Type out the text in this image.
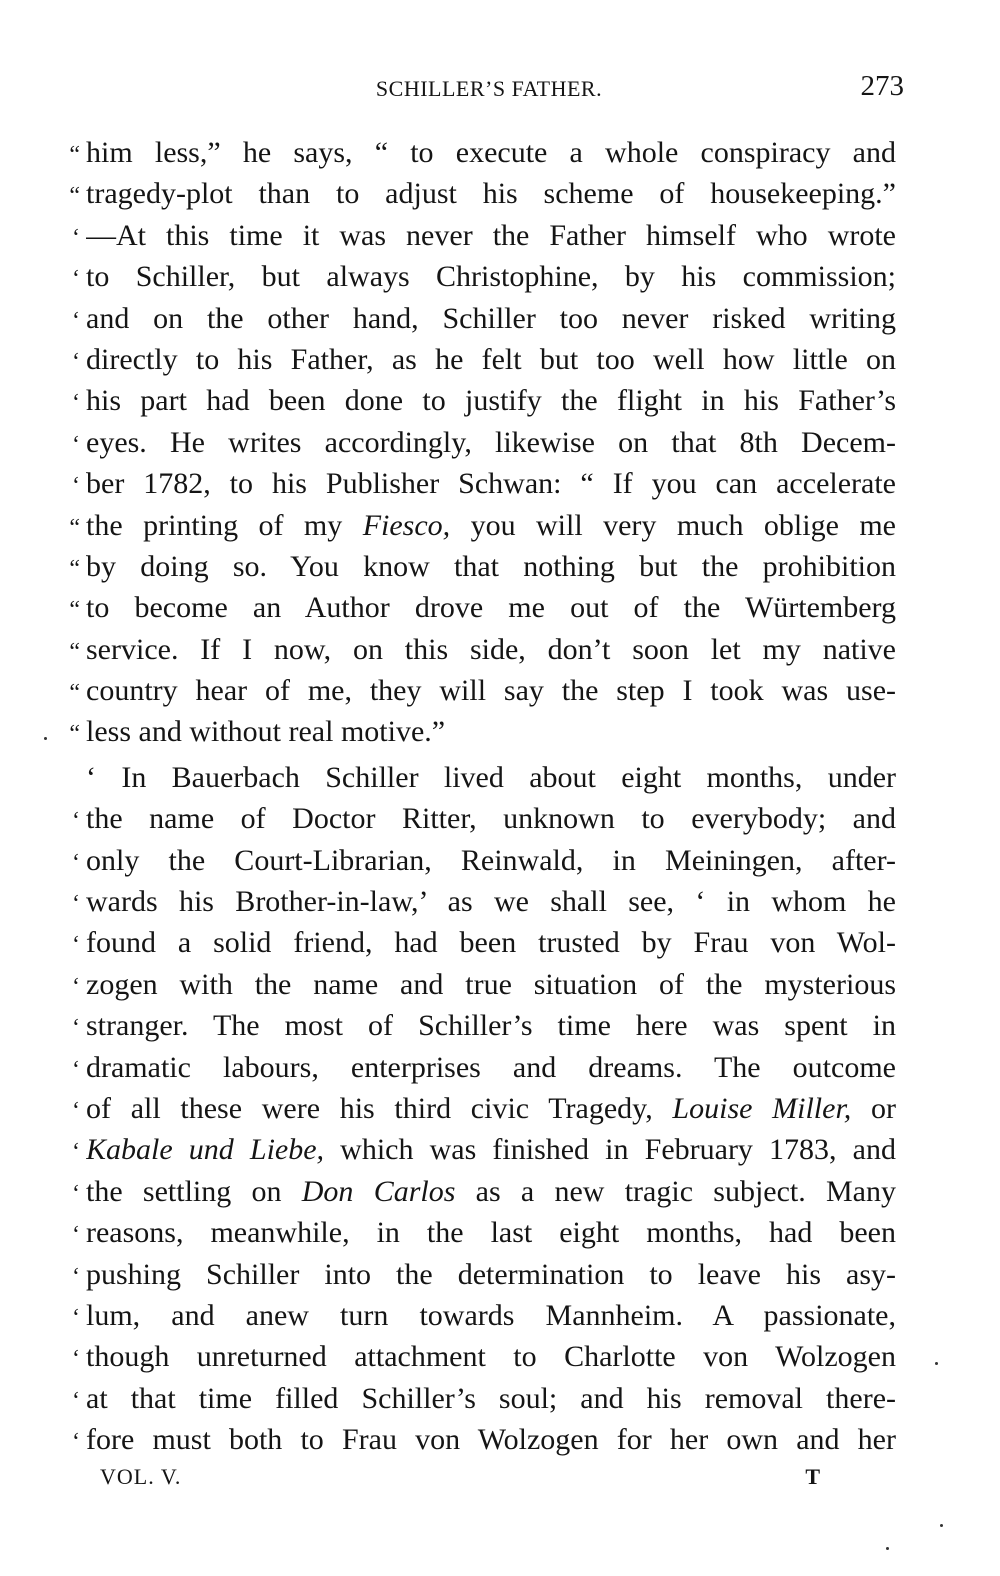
SCHILLER’S FATHER.	273
“ him less,” he says, “ to execute a whole conspiracy and
“ tragedy-plot than to adjust his scheme of housekeeping.”
‘ —At this time it was never the Father himself who wrote
‘ to Schiller, but always Christophine, by his commission;
‘ and on the other hand, Schiller too never risked writing
‘ directly to his Father, as he felt but too well how little on
‘ his part had been done to justify the flight in his Father’s
‘ eyes. He writes accordingly, likewise on that 8th Decem-
‘ ber 1782, to his Publisher Schwan: “ If you can accelerate
“ the printing of my Fiesco, you will very much oblige me
“ by doing so. You know that nothing but the prohibition
“ to become an Author drove me out of the Würtemberg
“ service. If I now, on this side, don’t soon let my native
“ country hear of me, they will say the step I took was use-
“ less and without real motive.”
‘ In Bauerbach Schiller lived about eight months, under
‘ the name of Doctor Ritter, unknown to everybody; and
‘ only the Court-Librarian, Reinwald, in Meiningen, after-
‘ wards his Brother-in-law,’ as we shall see, ‘ in whom he
‘ found a solid friend, had been trusted by Frau von Wol-
‘ zogen with the name and true situation of the mysterious
‘ stranger. The most of Schiller’s time here was spent in
‘ dramatic labours, enterprises and dreams. The outcome
‘ of all these were his third civic Tragedy, Louise Miller, or
‘ Kabale und Liebe, which was finished in February 1783, and
‘ the settling on Don Carlos as a new tragic subject. Many
‘ reasons, meanwhile, in the last eight months, had been
‘ pushing Schiller into the determination to leave his asy-
‘ lum, and anew turn towards Mannheim. A passionate,
‘ though unreturned attachment to Charlotte von Wolzogen
‘ at that time filled Schiller’s soul; and his removal there-
‘ fore must both to Frau von Wolzogen for her own and her
VOL. V.	T
